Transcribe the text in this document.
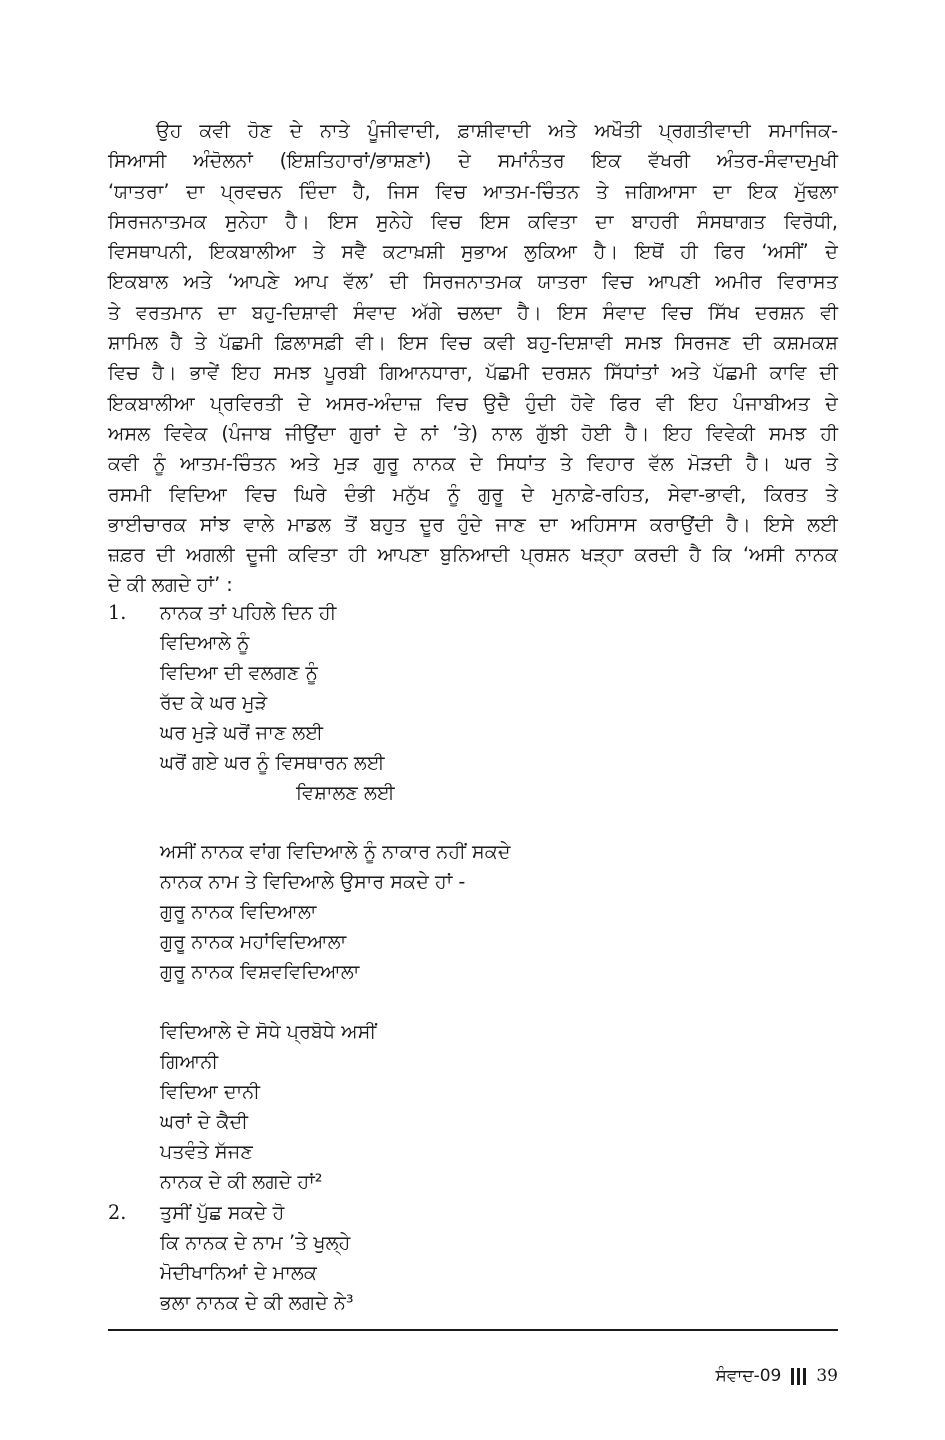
ਉਹ ਕਵੀ ਹੋਣ ਦੇ ਨਾਤੇ ਪੂੰਜੀਵਾਦੀ, ਫ਼ਾਸ਼ੀਵਾਦੀ ਅਤੇ ਅਖੌਤੀ ਪ੍ਰਗਤੀਵਾਦੀ ਸਮਾਜਿਕ-
ਸਿਆਸੀ ਅੰਦੋਲਨਾਂ (ਇਸ਼ਤਿਹਾਰਾਂ/ਭਾਸ਼ਣਾਂ) ਦੇ ਸਮਾਂਨੰਤਰ ਇਕ ਵੱਖਰੀ ਅੰਤਰ-ਸੰਵਾਦਮੁਖੀ
‘ਯਾਤਰਾ’ ਦਾ ਪ੍ਰਵਚਨ ਦਿੰਦਾ ਹੈ, ਜਿਸ ਵਿਚ ਆਤਮ-ਚਿੰਤਨ ਤੇ ਜਗਿਆਸਾ ਦਾ ਇਕ ਮੁੱਢਲਾ
ਸਿਰਜਨਾਤਮਕ ਸੁਨੇਹਾ ਹੈ। ਇਸ ਸੁਨੇਹੇ ਵਿਚ ਇਸ ਕਵਿਤਾ ਦਾ ਬਾਹਰੀ ਸੰਸਥਾਗਤ ਵਿਰੋਧੀ,
ਵਿਸਥਾਪਨੀ, ਇਕਬਾਲੀਆ ਤੇ ਸਵੈ ਕਟਾਖ਼ਸ਼ੀ ਸੁਭਾਅ ਲੁਕਿਆ ਹੈ। ਇਥੋਂ ਹੀ ਫਿਰ ‘ਅਸੀਂ’ ਦੇ
ਇਕਬਾਲ ਅਤੇ ‘ਆਪਣੇ ਆਪ ਵੱਲ’ ਦੀ ਸਿਰਜਨਾਤਮਕ ਯਾਤਰਾ ਵਿਚ ਆਪਣੀ ਅਮੀਰ ਵਿਰਾਸਤ
ਤੇ ਵਰਤਮਾਨ ਦਾ ਬਹੁ-ਦਿਸ਼ਾਵੀ ਸੰਵਾਦ ਅੱਗੇ ਚਲਦਾ ਹੈ। ਇਸ ਸੰਵਾਦ ਵਿਚ ਸਿੱਖ ਦਰਸ਼ਨ ਵੀ
ਸ਼ਾਮਿਲ ਹੈ ਤੇ ਪੱਛਮੀ ਫ਼ਿਲਾਸਫ਼ੀ ਵੀ। ਇਸ ਵਿਚ ਕਵੀ ਬਹੁ-ਦਿਸ਼ਾਵੀ ਸਮਝ ਸਿਰਜਣ ਦੀ ਕਸ਼ਮਕਸ਼
ਵਿਚ ਹੈ। ਭਾਵੇਂ ਇਹ ਸਮਝ ਪੂਰਬੀ ਗਿਆਨਧਾਰਾ, ਪੱਛਮੀ ਦਰਸ਼ਨ ਸਿੱਧਾਂਤਾਂ ਅਤੇ ਪੱਛਮੀ ਕਾਵਿ ਦੀ
ਇਕਬਾਲੀਆ ਪ੍ਰਵਿਰਤੀ ਦੇ ਅਸਰ-ਅੰਦਾਜ਼ ਵਿਚ ਉਦੈ ਹੁੰਦੀ ਹੋਵੇ ਫਿਰ ਵੀ ਇਹ ਪੰਜਾਬੀਅਤ ਦੇ
ਅਸਲ ਵਿਵੇਕ (ਪੰਜਾਬ ਜੀਉਂਦਾ ਗੁਰਾਂ ਦੇ ਨਾਂ ’ਤੇ) ਨਾਲ ਗੁੱਝੀ ਹੋਈ ਹੈ। ਇਹ ਵਿਵੇਕੀ ਸਮਝ ਹੀ
ਕਵੀ ਨੂੰ ਆਤਮ-ਚਿੰਤਨ ਅਤੇ ਮੁੜ ਗੁਰੂ ਨਾਨਕ ਦੇ ਸਿਧਾਂਤ ਤੇ ਵਿਹਾਰ ਵੱਲ ਮੋੜਦੀ ਹੈ। ਘਰ ਤੇ
ਰਸਮੀ ਵਿਦਿਆ ਵਿਚ ਘਿਰੇ ਦੰਭੀ ਮਨੁੱਖ ਨੂੰ ਗੁਰੂ ਦੇ ਮੁਨਾਫ਼ੇ-ਰਹਿਤ, ਸੇਵਾ-ਭਾਵੀ, ਕਿਰਤ ਤੇ
ਭਾਈਚਾਰਕ ਸਾਂਝ ਵਾਲੇ ਮਾਡਲ ਤੋਂ ਬਹੁਤ ਦੂਰ ਹੁੰਦੇ ਜਾਣ ਦਾ ਅਹਿਸਾਸ ਕਰਾਉਂਦੀ ਹੈ। ਇਸੇ ਲਈ
ਜ਼ਫ਼ਰ ਦੀ ਅਗਲੀ ਦੂਜੀ ਕਵਿਤਾ ਹੀ ਆਪਣਾ ਬੁਨਿਆਦੀ ਪ੍ਰਸ਼ਨ ਖੜ੍ਹਾ ਕਰਦੀ ਹੈ ਕਿ ‘ਅਸੀ ਨਾਨਕ
ਦੇ ਕੀ ਲਗਦੇ ਹਾਂ’ :
1. ਨਾਨਕ ਤਾਂ ਪਹਿਲੇ ਦਿਨ ਹੀ
ਵਿਦਿਆਲੇ ਨੂੰ
ਵਿਦਿਆ ਦੀ ਵਲਗਣ ਨੂੰ
ਰੱਦ ਕੇ ਘਰ ਮੁੜੇ
ਘਰ ਮੁੜੇ ਘਰੋਂ ਜਾਣ ਲਈ
ਘਰੋਂ ਗਏ ਘਰ ਨੂੰ ਵਿਸਥਾਰਨ ਲਈ
ਵਿਸ਼ਾਲਣ ਲਈ
ਅਸੀਂ ਨਾਨਕ ਵਾਂਗ ਵਿਦਿਆਲੇ ਨੂੰ ਨਾਕਾਰ ਨਹੀਂ ਸਕਦੇ
ਨਾਨਕ ਨਾਮ ਤੇ ਵਿਦਿਆਲੇ ਉਸਾਰ ਸਕਦੇ ਹਾਂ -
ਗੁਰੂ ਨਾਨਕ ਵਿਦਿਆਲਾ
ਗੁਰੂ ਨਾਨਕ ਮਹਾਂਵਿਦਿਆਲਾ
ਗੁਰੂ ਨਾਨਕ ਵਿਸ਼ਵਵਿਦਿਆਲਾ
ਵਿਦਿਆਲੇ ਦੇ ਸੋਧੇ ਪ੍ਰਬੋਧੇ ਅਸੀਂ
ਗਿਆਨੀ
ਵਿਦਿਆ ਦਾਨੀ
ਘਰਾਂ ਦੇ ਕੈਦੀ
ਪਤਵੰਤੇ ਸੱਜਣ
ਨਾਨਕ ਦੇ ਕੀ ਲਗਦੇ ਹਾਂ²
2. ਤੁਸੀਂ ਪੁੱਛ ਸਕਦੇ ਹੋ
ਕਿ ਨਾਨਕ ਦੇ ਨਾਮ ’ਤੇ ਖੁਲ੍ਹੇ
ਮੋਦੀਖਾਨਿਆਂ ਦੇ ਮਾਲਕ
ਭਲਾ ਨਾਨਕ ਦੇ ਕੀ ਲਗਦੇ ਨੇ³
ਸੰਵਾਦ-09 39
